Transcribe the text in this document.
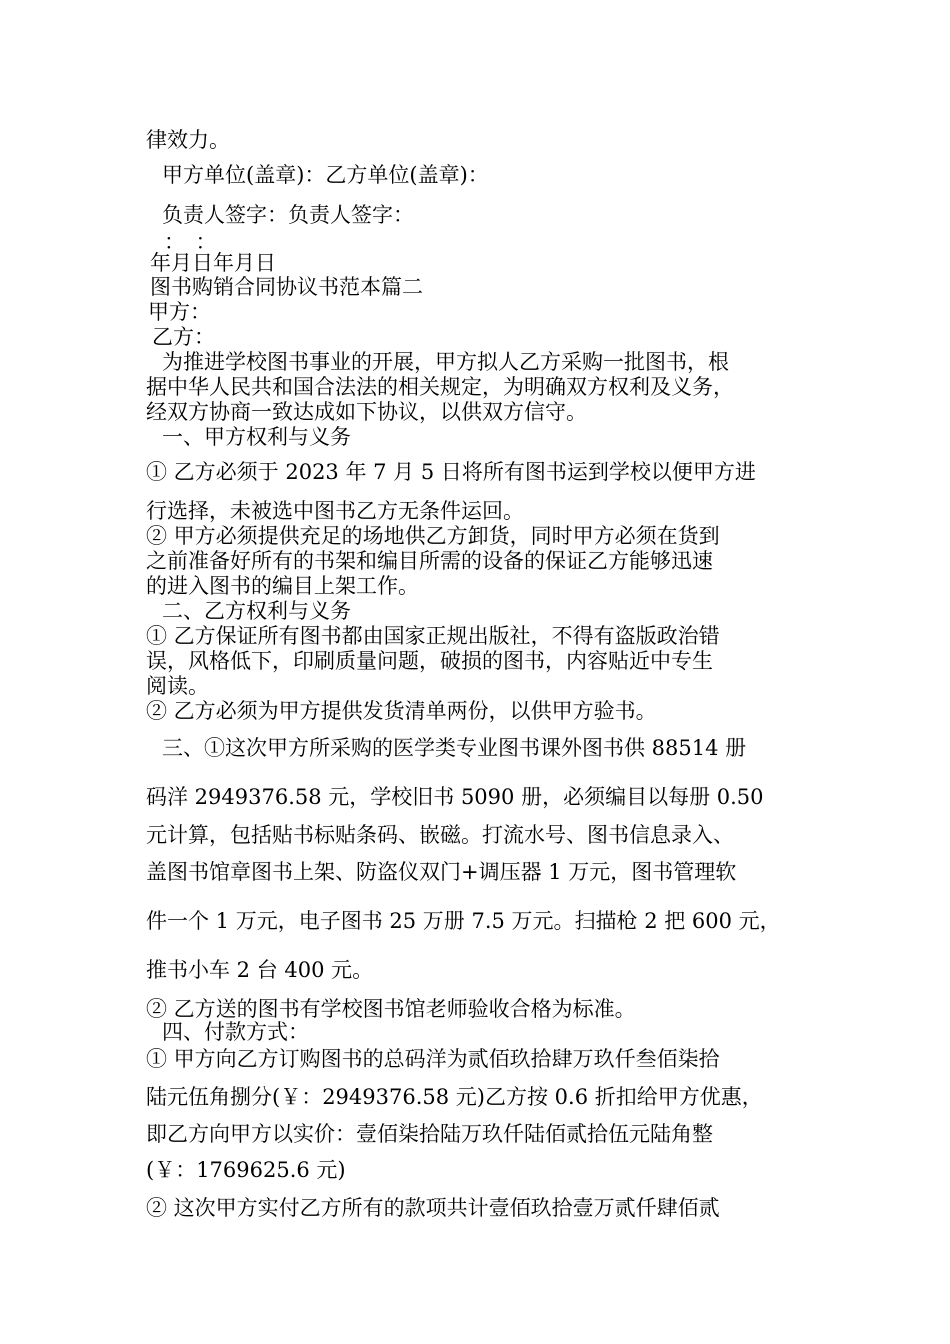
律效力。
甲方单位(盖章)：乙方单位(盖章)：
负责人签字：负责人签字：
：　：
年月日年月日
图书购销合同协议书范本篇二
甲方：
乙方：
为推进学校图书事业的开展，甲方拟人乙方采购一批图书，根
据中华人民共和国合法法的相关规定，为明确双方权利及义务，
经双方协商一致达成如下协议，以供双方信守。
一、甲方权利与义务
① 乙方必须于 2023 年 7 月 5 日将所有图书运到学校以便甲方进
行选择，未被选中图书乙方无条件运回。
② 甲方必须提供充足的场地供乙方卸货，同时甲方必须在货到
之前准备好所有的书架和编目所需的设备的保证乙方能够迅速
的进入图书的编目上架工作。
二、乙方权利与义务
① 乙方保证所有图书都由国家正规出版社，不得有盗版政治错
误，风格低下，印刷质量问题，破损的图书，内容贴近中专生
阅读。
② 乙方必须为甲方提供发货清单两份，以供甲方验书。
三、①这次甲方所采购的医学类专业图书课外图书供 88514 册
码洋 2949376.58 元，学校旧书 5090 册，必须编目以每册 0.50
元计算，包括贴书标贴条码、嵌磁。打流水号、图书信息录入、
盖图书馆章图书上架、防盗仪双门+调压器 1 万元，图书管理软
件一个 1 万元，电子图书 25 万册 7.5 万元。扫描枪 2 把 600 元，
推书小车 2 台 400 元。
② 乙方送的图书有学校图书馆老师验收合格为标准。
四、付款方式：
① 甲方向乙方订购图书的总码洋为贰佰玖拾肆万玖仟叁佰柒拾
陆元伍角捌分(￥：2949376.58 元)乙方按 0.6 折扣给甲方优惠，
即乙方向甲方以实价：壹佰柒拾陆万玖仟陆佰贰拾伍元陆角整
(￥：1769625.6 元)
② 这次甲方实付乙方所有的款项共计壹佰玖拾壹万贰仟肆佰贰
